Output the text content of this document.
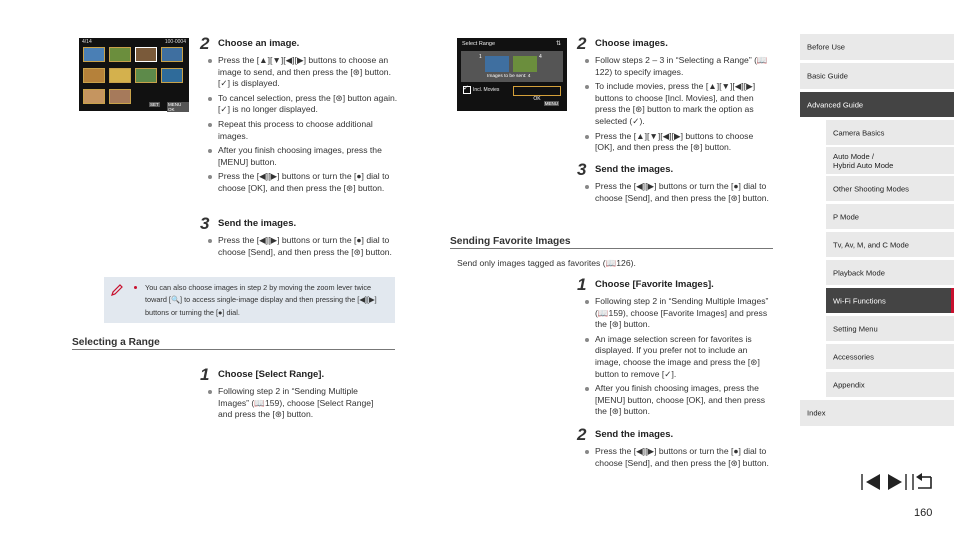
4/14	100-0004
SET MENU OK
2 Choose an image.
Press the [▲][▼][◀][▶] buttons to choose an image to send, and then press the [⊛] button. [✓] is displayed.
To cancel selection, press the [⊛] button again. [✓] is no longer displayed.
Repeat this process to choose additional images.
After you finish choosing images, press the [MENU] button.
Press the [◀][▶] buttons or turn the [●] dial to choose [OK], and then press the [⊛] button.
3 Send the images.
Press the [◀][▶] buttons or turn the [●] dial to choose [Send], and then press the [⊛] button.
You can also choose images in step 2 by moving the zoom lever twice toward [🔍] to access single-image display and then pressing the [◀][▶] buttons or turning the [●] dial.
Selecting a Range
1 Choose [Select Range].
Following step 2 in “Sending Multiple Images” (📖159), choose [Select Range] and press the [⊛] button.
Select Range	⇅
1	4
Images to be sent: 4
✓ Incl. Movies
OK
MENU
2 Choose images.
Follow steps 2 – 3 in “Selecting a Range” (📖122) to specify images.
To include movies, press the [▲][▼][◀][▶] buttons to choose [Incl. Movies], and then press the [⊛] button to mark the option as selected (✓).
Press the [▲][▼][◀][▶] buttons to choose [OK], and then press the [⊛] button.
3 Send the images.
Press the [◀][▶] buttons or turn the [●] dial to choose [Send], and then press the [⊛] button.
Sending Favorite Images
Send only images tagged as favorites (📖126).
1 Choose [Favorite Images].
Following step 2 in “Sending Multiple Images” (📖159), choose [Favorite Images] and press the [⊛] button.
An image selection screen for favorites is displayed. If you prefer not to include an image, choose the image and press the [⊛] button to remove [✓].
After you finish choosing images, press the [MENU] button, choose [OK], and then press the [⊛] button.
2 Send the images.
Press the [◀][▶] buttons or turn the [●] dial to choose [Send], and then press the [⊛] button.
Before Use
Basic Guide
Advanced Guide
Camera Basics
Auto Mode /
Hybrid Auto Mode
Other Shooting Modes
P Mode
Tv, Av, M, and C Mode
Playback Mode
Wi-Fi Functions
Setting Menu
Accessories
Appendix
Index
160
